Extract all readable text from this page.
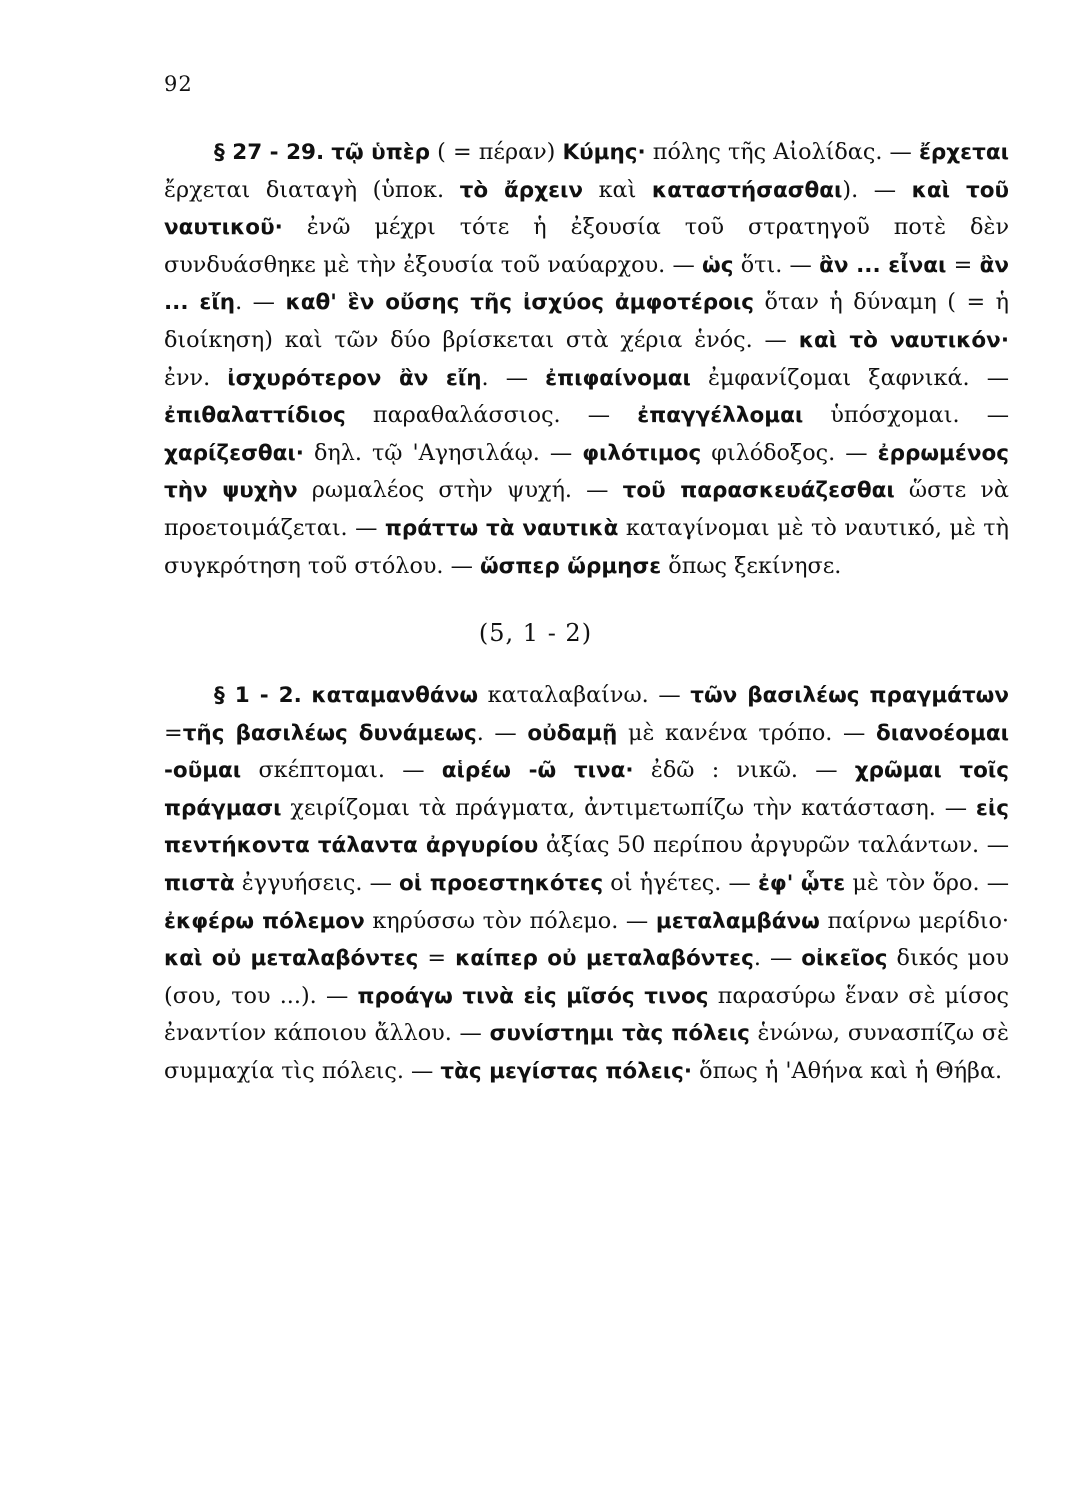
92

§ 27 - 29. τῷ ὑπὲρ ( = πέραν) Κύμης· πόλης τῆς Αἰολίδας. — ἔρχεται ἔρχεται διαταγὴ (ὑποκ. τὸ ἄρχειν καὶ καταστήσασθαι). — καὶ τοῦ ναυτικοῦ· ἐνῶ μέχρι τότε ἡ ἐξουσία τοῦ στρατηγοῦ ποτὲ δὲν συνδυάσθηκε μὲ τὴν ἐξουσία τοῦ ναύαρχου. — ὡς ὅτι. — ἂν ... εἶναι = ἂν ... εἴη. — καθ' ἓν οὔσης τῆς ἰσχύος ἀμφοτέροις ὅταν ἡ δύναμη ( = ἡ διοίκηση) καὶ τῶν δύο βρίσκεται στὰ χέρια ἑνός. — καὶ τὸ ναυτικόν· ἐνν. ἰσχυρότερον ἂν εἴη. — ἐπιφαίνομαι ἐμφανίζομαι ξαφνικά. — ἐπιθαλαττίδιος παραθαλάσσιος. — ἐπαγγέλλομαι ὑπόσχομαι. —χαρίζεσθαι· δηλ. τῷ 'Αγησιλάῳ. — φιλότιμος φιλόδοξος. — ἐρρωμένος τὴν ψυχὴν ρωμαλέος στὴν ψυχή. — τοῦ παρασκευάζεσθαι ὥστε νὰ προετοιμάζεται. — πράττω τὰ ναυτικὰ καταγίνομαι μὲ τὸ ναυτικό, μὲ τὴ συγκρότηση τοῦ στόλου. — ὥσπερ ὥρμησε ὅπως ξεκίνησε.

(5, 1 - 2)

§ 1 - 2. καταμανθάνω καταλαβαίνω. — τῶν βασιλέως πραγμάτων =τῆς βασιλέως δυνάμεως. — οὐδαμῇ μὲ κανένα τρόπο. — διανοέομαι -οῦμαι σκέπτομαι. — αἱρέω -ῶ τινα· ἐδῶ : νικῶ. — χρῶμαι τοῖς πράγμασι χειρίζομαι τὰ πράγματα, ἀντιμετωπίζω τὴν κατάσταση. — εἰς πεντήκοντα τάλαντα ἀργυρίου ἀξίας 50 περίπου ἀργυρῶν ταλάντων. — πιστὰ ἐγγυήσεις. — οἱ προεστηκότες οἱ ἡγέτες. — ἐφ' ᾧτε μὲ τὸν ὅρο. — ἐκφέρω πόλεμον κηρύσσω τὸν πόλεμο. — μεταλαμβάνω παίρνω μερίδιο· καὶ οὐ μεταλαβόντες = καίπερ οὐ μεταλαβόντες. — οἰκεῖος δικός μου (σου, του ...). — προάγω τινὰ εἰς μῖσός τινος παρασύρω ἕναν σὲ μίσος ἐναντίον κάποιου ἄλλου. — συνίστημι τὰς πόλεις ἑνώνω, συνασπίζω σὲ συμμαχία τὶς πόλεις. — τὰς μεγίστας πόλεις· ὅπως ἡ 'Αθήνα καὶ ἡ Θήβα.
